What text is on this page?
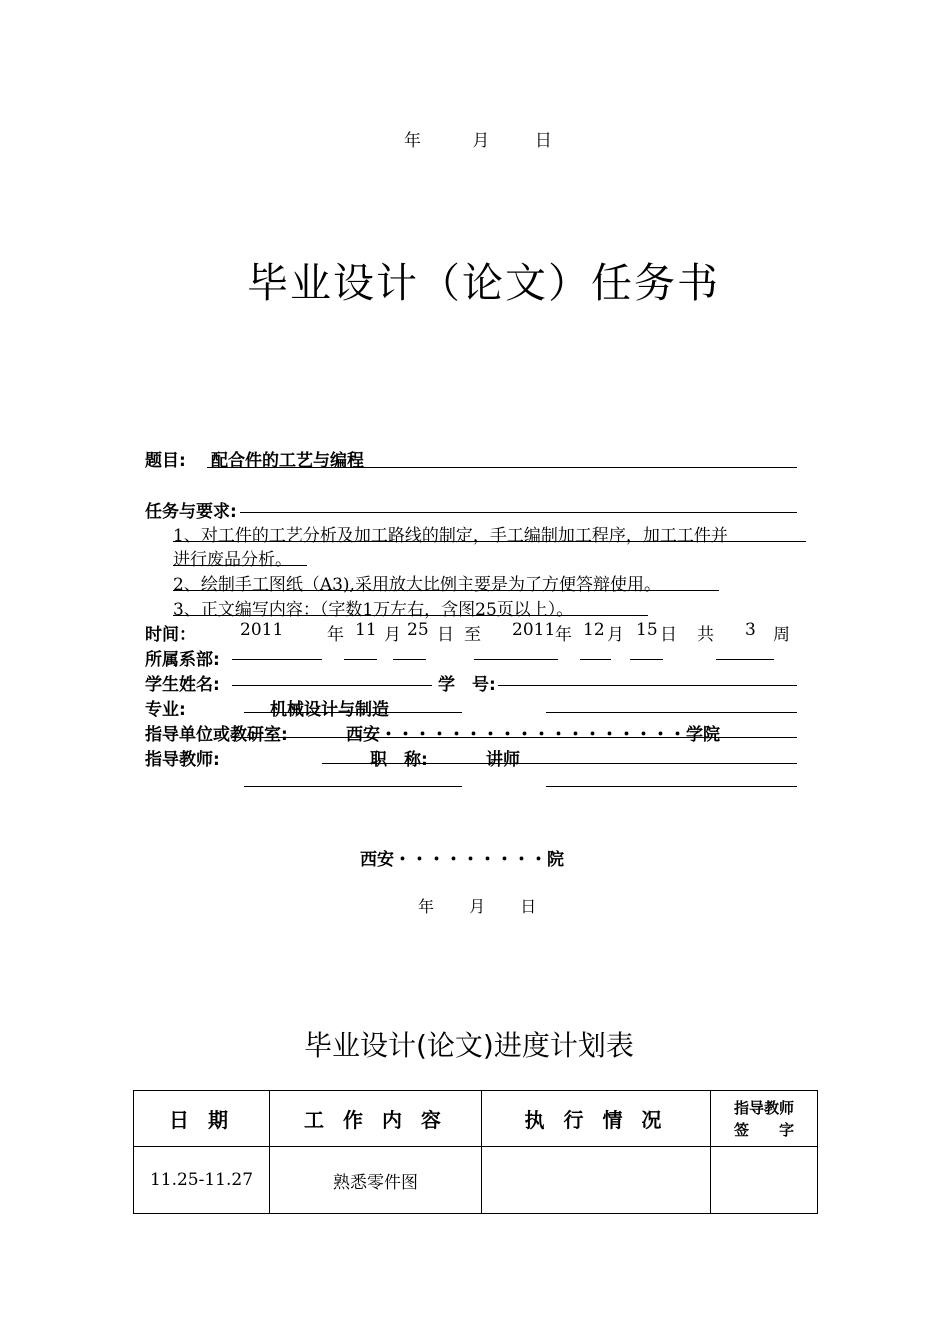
年	月	日
毕业设计（论文）任务书
题目: 配合件的工艺与编程
任务与要求:
1、对工件的工艺分析及加工路线的制定，手工编制加工程序，加工工件并
进行废品分析。
2、绘制手工图纸（A3),采用放大比例主要是为了方便答辩使用。
3、正文编写内容：（字数1万左右，含图25页以上）。
时间：	2011	年 11 月 25 日 至 2011 年 12 月 15 日 共 3 周
所属系部:
学生姓名:	学　号:
专业:	机械设计与制造
指导单位或教研室:	西安・・・・・・・・・・・・・・・・・・学院
指导教师:	职　称:	讲师
西安・・・・・・・・・院
年 月 日
毕业设计(论文)进度计划表
日 期	工 作 内 容	执 行 情 况	指导教师
签　　字

11.25-11.27	熟悉零件图		
